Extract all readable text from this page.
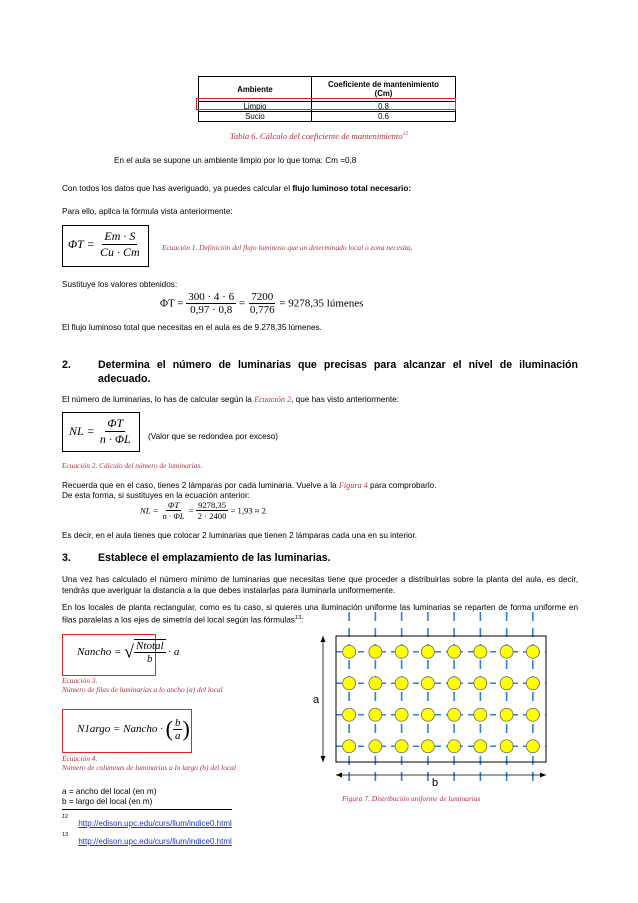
Ambiente	Coeficiente de mantenimiento
(Cm)

Limpio	0.8
Sucio	0.6
Tabla 6. Cálculo del coeficiente de mantenimiento$^{12}$
En el aula se supone un ambiente limpio por lo que toma: Cm =0,8
Con todos los datos que has averiguado, ya puedes calcular el flujo luminoso total necesario:
Para ello, aplica la fórmula vista anteriormente:
$\Phi T = \frac{Em \cdot S}{Cu \cdot Cm}$	Ecuación 1. Definición del flujo luminoso que un determinado local o zona necesita.
Sustituye los valores obtenidos:
$\Phi T = \frac{300 \cdot 4 \cdot 6}{0,97 \cdot 0,8} = \frac{7200}{0,776} = 9278,35$ lúmenes
El flujo luminoso total que necesitas en el aula es de 9.278,35 lúmenes.
2.	Determina el número de luminarias que precisas para alcanzar el nivel de iluminación
adecuado.
El número de luminarias, lo has de calcular según la Ecuación 2, que has visto anteriormente:
NL = $\frac{\Phi T}{n \cdot \Phi L}$ (Valor que se redondea por exceso)
Ecuación 2. Cálculo del número de luminarias.
Recuerda que en el caso, tienes 2 lámparas por cada luminaria. Vuelve a la Figura 4 para comprobarlo.
De esta forma, si sustituyes en la ecuación anterior:
NL = $\frac{\Phi T}{n \cdot \Phi L} = \frac{9278,35}{2 \cdot 2400} = 1,93 \approx 2$
Es decir, en el aula tienes que colocar 2 luminarias que tienen 2 lámparas cada una en su interior.
3.	Establece el emplazamiento de las luminarias.
Una vez has calculado el número mínimo de luminarias que necesitas tiene que proceder a distribuirlas sobre la planta del aula, es decir, tendrás que averiguar la distancia a la que debes instalarlas para iluminarla uniformemente.
En los locales de planta rectangular, como es tu caso, si quieres una iluminación uniforme las luminarias se reparten de forma uniforme en filas paralelas a los ejes de simetría del local según las fórmulas$^{13}$:
Nancho = √ $\frac{\text{Ntotal}}{b} \cdot a$
Ecuación 3.
Número de filas de luminarias a lo ancho (a) del local
N1argo = Nancho · ( $\frac{b}{a}$ )
Ecuación 4.
Número de columnas de luminarias a lo largo (b) del local
a = ancho del local (en m)
b = largo del local (en m)
a
b
Figura 7. Distribución uniforme de luminarias
$^{12}$ http://edison.upc.edu/curs/llum/indice0.html
$^{13}$ http://edison.upc.edu/curs/llum/indice0.html
